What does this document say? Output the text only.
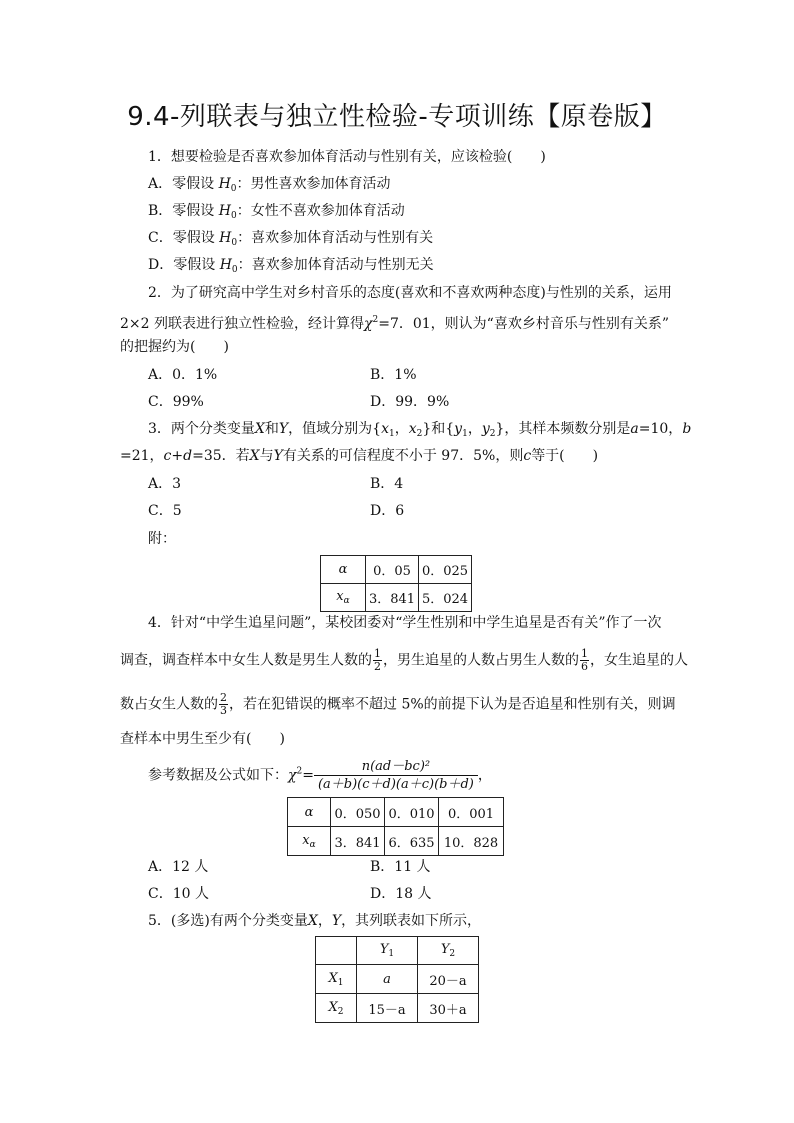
9.4-列联表与独立性检验-专项训练【原卷版】
1．想要检验是否喜欢参加体育活动与性别有关，应该检验(　　)
A．零假设 $H_0$：男性喜欢参加体育活动
B．零假设 $H_0$：女性不喜欢参加体育活动
C．零假设 $H_0$：喜欢参加体育活动与性别有关
D．零假设 $H_0$：喜欢参加体育活动与性别无关
2．为了研究高中学生对乡村音乐的态度(喜欢和不喜欢两种态度)与性别的关系，运用
2×2 列联表进行独立性检验，经计算得$\chi^2=7$．01，则认为“喜欢乡村音乐与性别有关系”
的把握约为(　　)
A．0．1%	B．1%
C．99%	D．99．9%
3．两个分类变量X和Y，值域分别为{$x_1$，$x_2$}和{$y_1$，$y_2$}，其样本频数分别是a=10，b
=21，c+d=35．若X与Y有关系的可信程度不小于 97．5%，则c等于(　　)
A．3	B．4
C．5	D．6
附：
α	0．05	0．025
$x_\alpha$	3．841	5．024
4．针对“中学生追星问题”，某校团委对“学生性别和中学生追星是否有关”作了一次
调查，调查样本中女生人数是男生人数的 $\frac{1}{2}$ ，男生追星的人数占男生人数的 $\frac{1}{6}$ ，女生追星的人
数占女生人数的 $\frac{2}{3}$ ，若在犯错误的概率不超过 5%的前提下认为是否追星和性别有关，则调
查样本中男生至少有(　　)
参考数据及公式如下：$\chi^2= \frac{\text{n(ad－bc)²}}{(a+b)(c+d)(a+c)(b+d)}$ ，
α	0．050	0．010	0．001
$x_\alpha$	3．841	6．635	10．828
A．12 人	B．11 人
C．10 人	D．18 人
5．(多选)有两个分类变量X，Y，其列联表如下所示，
	$Y_1$	$Y_2$
$X_1$	a	20－a
$X_2$	15－a	30＋a
